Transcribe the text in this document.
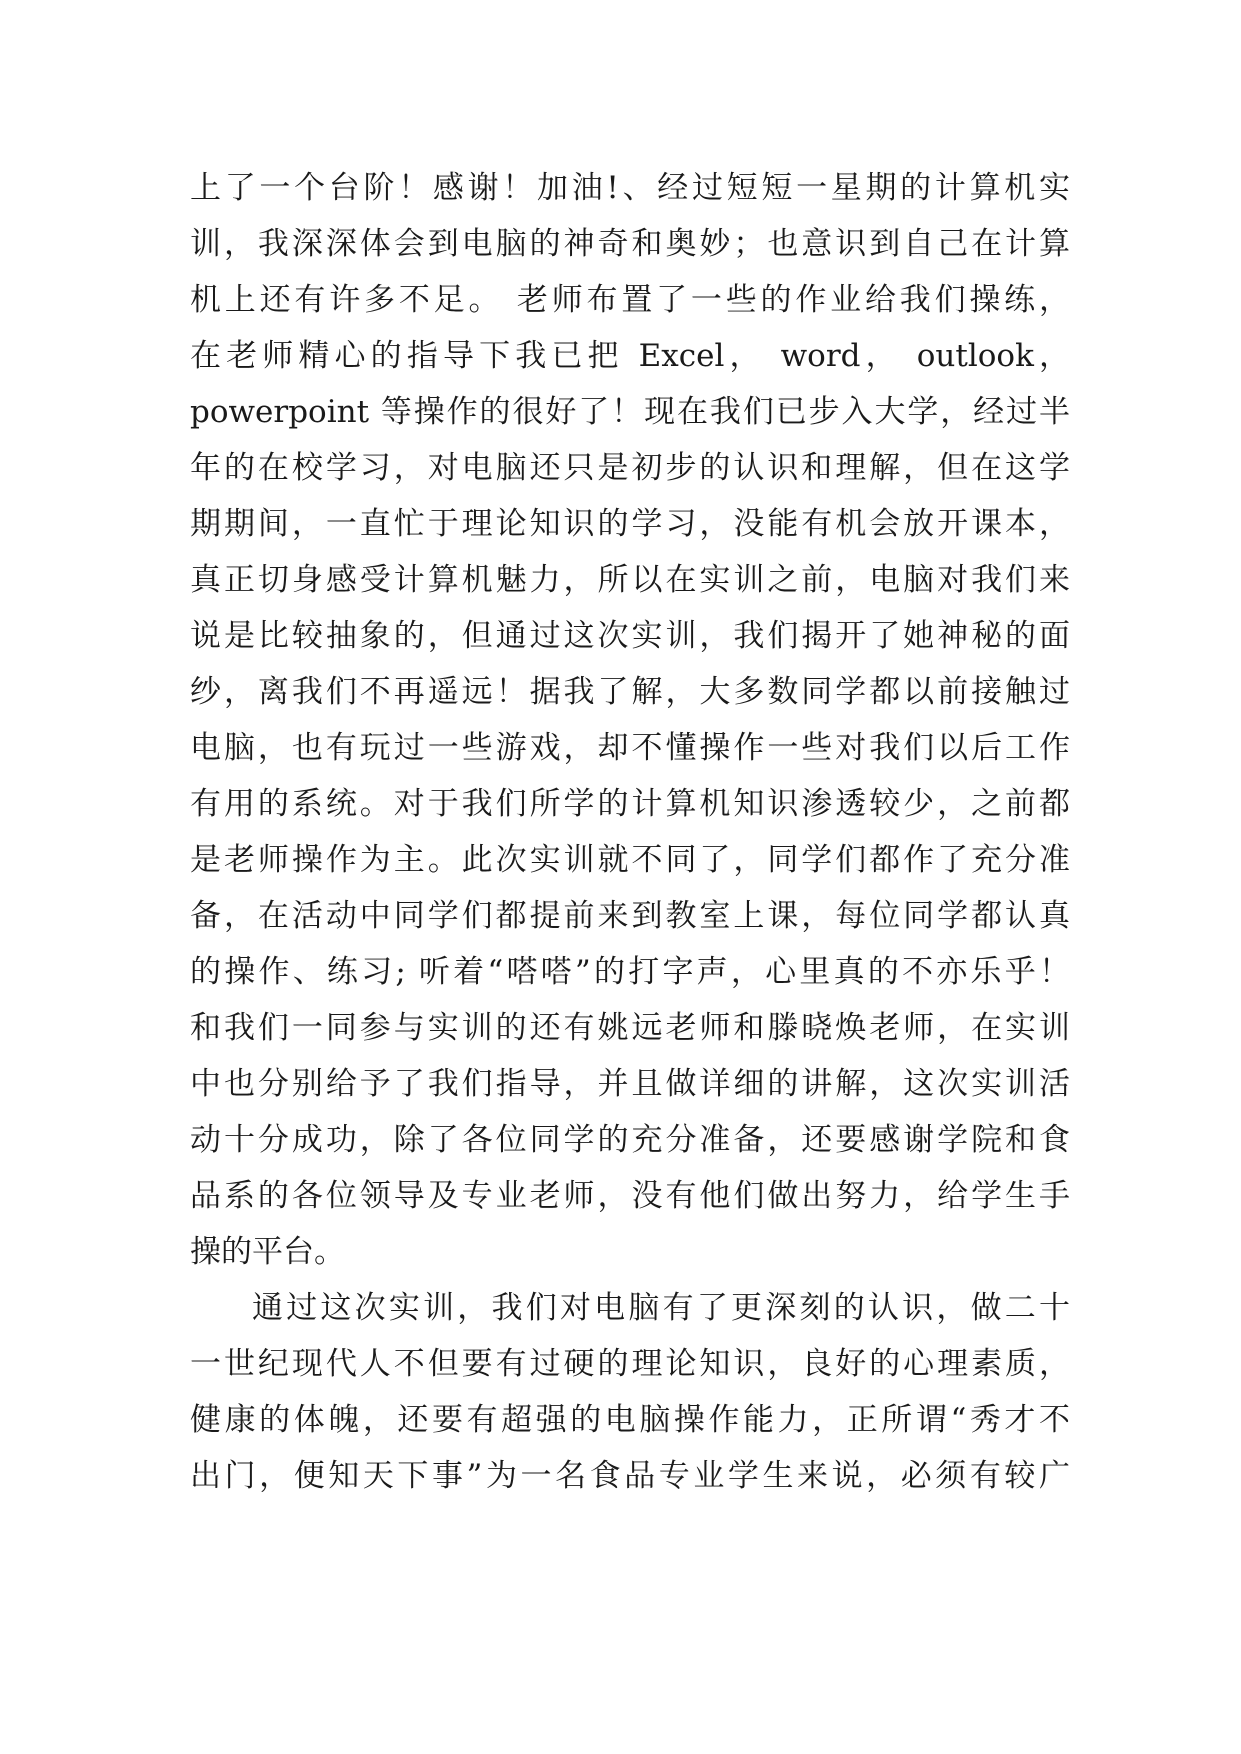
上了一个台阶！感谢！加油!、经过短短一星期的计算机实
训，我深深体会到电脑的神奇和奥妙；也意识到自己在计算
机上还有许多不足。 老师布置了一些的作业给我们操练，
在老师精心的指导下我已把 Excel， word， outlook，
powerpoint 等操作的很好了！现在我们已步入大学，经过半
年的在校学习，对电脑还只是初步的认识和理解，但在这学
期期间，一直忙于理论知识的学习，没能有机会放开课本，
真正切身感受计算机魅力，所以在实训之前，电脑对我们来
说是比较抽象的，但通过这次实训，我们揭开了她神秘的面
纱，离我们不再遥远！据我了解，大多数同学都以前接触过
电脑，也有玩过一些游戏，却不懂操作一些对我们以后工作
有用的系统。对于我们所学的计算机知识渗透较少，之前都
是老师操作为主。此次实训就不同了，同学们都作了充分准
备，在活动中同学们都提前来到教室上课，每位同学都认真
的操作、练习; 听着“嗒嗒”的打字声，心里真的不亦乐乎！
和我们一同参与实训的还有姚远老师和滕晓焕老师，在实训
中也分别给予了我们指导，并且做详细的讲解，这次实训活
动十分成功，除了各位同学的充分准备，还要感谢学院和食
品系的各位领导及专业老师，没有他们做出努力，给学生手
操的平台。
通过这次实训，我们对电脑有了更深刻的认识，做二十
一世纪现代人不但要有过硬的理论知识，良好的心理素质，
健康的体魄，还要有超强的电脑操作能力，正所谓“秀才不
出门，便知天下事”为一名食品专业学生来说，必须有较广
